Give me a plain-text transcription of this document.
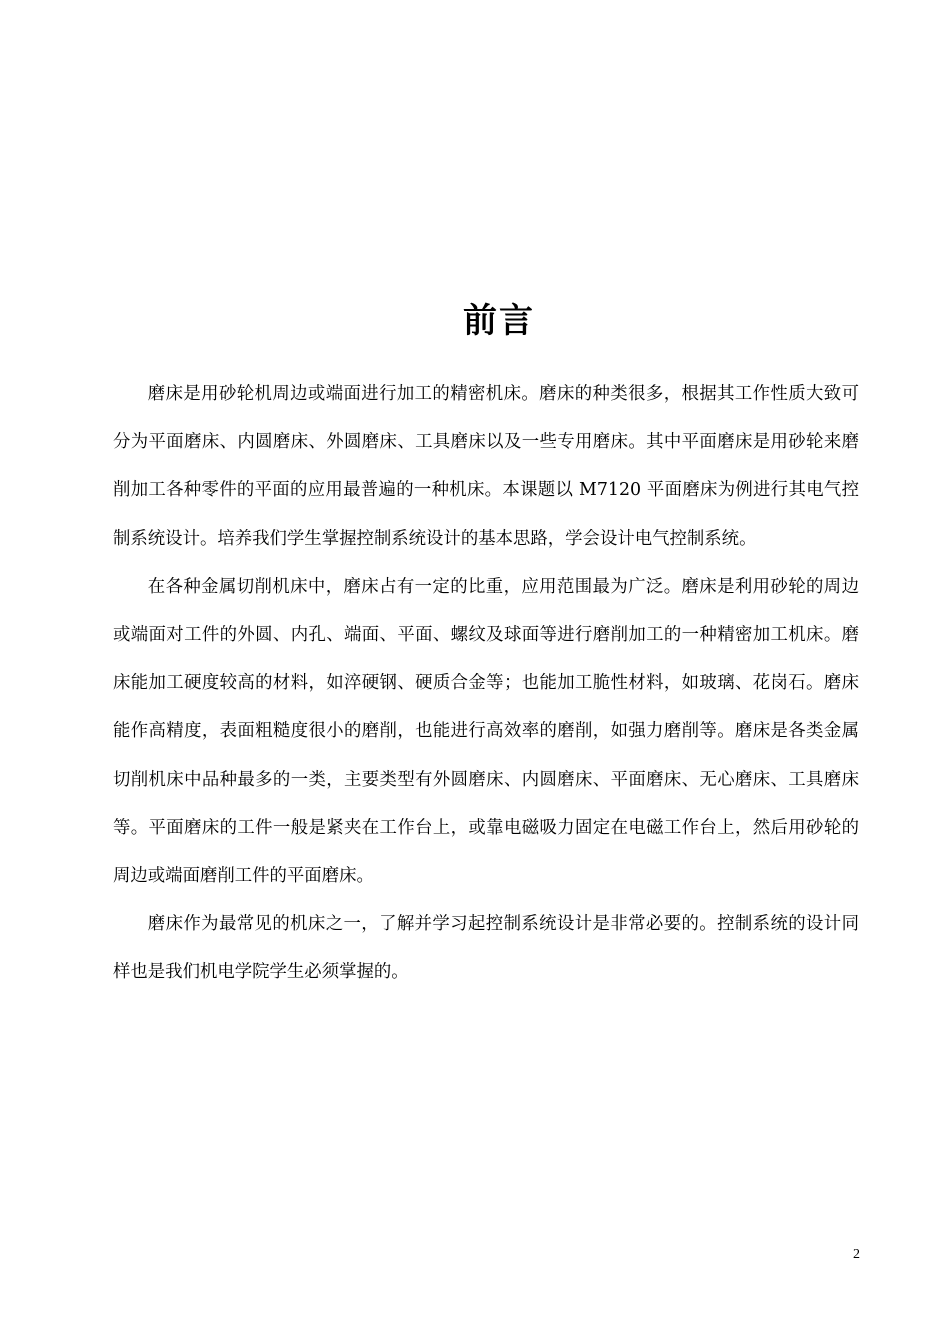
前言

磨床是用砂轮机周边或端面进行加工的精密机床。磨床的种类很多，根据其工作性质大致可分为平面磨床、内圆磨床、外圆磨床、工具磨床以及一些专用磨床。其中平面磨床是用砂轮来磨削加工各种零件的平面的应用最普遍的一种机床。本课题以 M7120 平面磨床为例进行其电气控制系统设计。培养我们学生掌握控制系统设计的基本思路，学会设计电气控制系统。

在各种金属切削机床中，磨床占有一定的比重，应用范围最为广泛。磨床是利用砂轮的周边或端面对工件的外圆、内孔、端面、平面、螺纹及球面等进行磨削加工的一种精密加工机床。磨床能加工硬度较高的材料，如淬硬钢、硬质合金等；也能加工脆性材料，如玻璃、花岗石。磨床能作高精度，表面粗糙度很小的磨削，也能进行高效率的磨削，如强力磨削等。磨床是各类金属切削机床中品种最多的一类，主要类型有外圆磨床、内圆磨床、平面磨床、无心磨床、工具磨床等。平面磨床的工件一般是紧夹在工作台上，或靠电磁吸力固定在电磁工作台上，然后用砂轮的周边或端面磨削工件的平面磨床。

磨床作为最常见的机床之一，了解并学习起控制系统设计是非常必要的。控制系统的设计同样也是我们机电学院学生必须掌握的。

2
